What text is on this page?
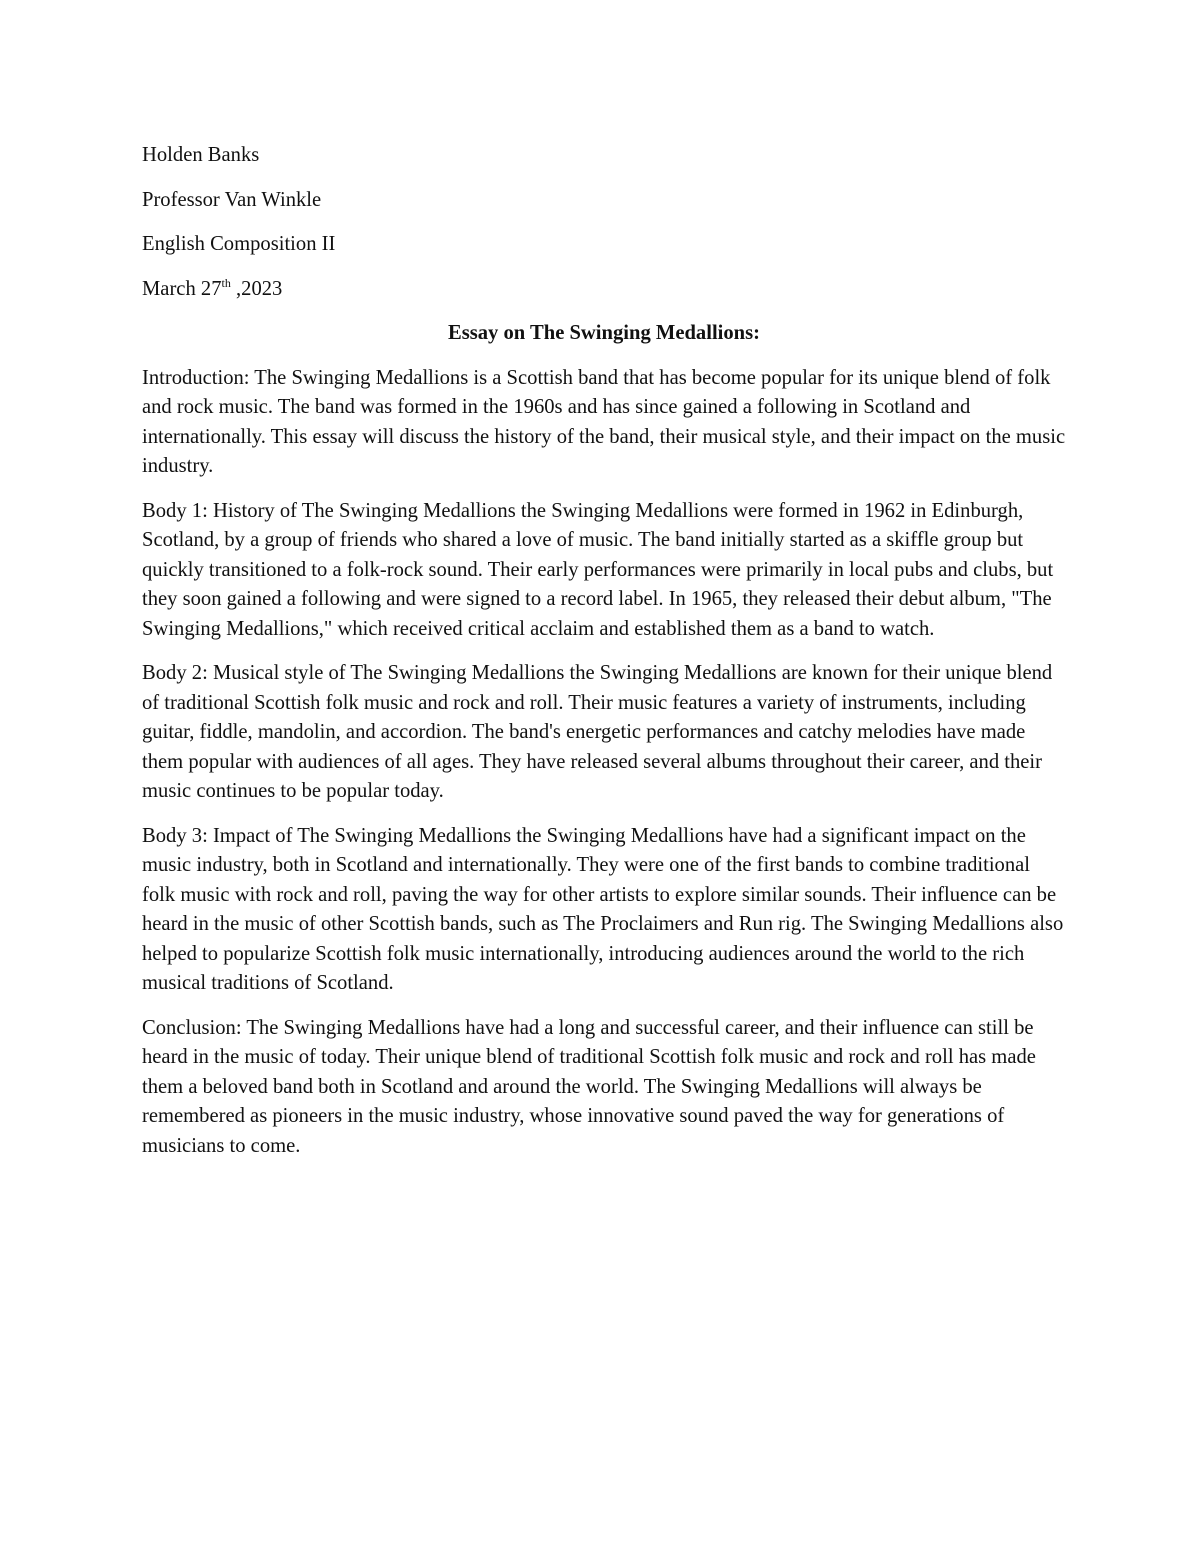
Holden Banks

Professor Van Winkle

English Composition II

March 27th ,2023

Essay on The Swinging Medallions:

Introduction: The Swinging Medallions is a Scottish band that has become popular for its unique blend of folk and rock music. The band was formed in the 1960s and has since gained a following in Scotland and internationally. This essay will discuss the history of the band, their musical style, and their impact on the music industry.

Body 1: History of The Swinging Medallions the Swinging Medallions were formed in 1962 in Edinburgh, Scotland, by a group of friends who shared a love of music. The band initially started as a skiffle group but quickly transitioned to a folk-rock sound. Their early performances were primarily in local pubs and clubs, but they soon gained a following and were signed to a record label. In 1965, they released their debut album, "The Swinging Medallions," which received critical acclaim and established them as a band to watch.

Body 2: Musical style of The Swinging Medallions the Swinging Medallions are known for their unique blend of traditional Scottish folk music and rock and roll. Their music features a variety of instruments, including guitar, fiddle, mandolin, and accordion. The band's energetic performances and catchy melodies have made them popular with audiences of all ages. They have released several albums throughout their career, and their music continues to be popular today.

Body 3: Impact of The Swinging Medallions the Swinging Medallions have had a significant impact on the music industry, both in Scotland and internationally. They were one of the first bands to combine traditional folk music with rock and roll, paving the way for other artists to explore similar sounds. Their influence can be heard in the music of other Scottish bands, such as The Proclaimers and Run rig. The Swinging Medallions also helped to popularize Scottish folk music internationally, introducing audiences around the world to the rich musical traditions of Scotland.

Conclusion: The Swinging Medallions have had a long and successful career, and their influence can still be heard in the music of today. Their unique blend of traditional Scottish folk music and rock and roll has made them a beloved band both in Scotland and around the world. The Swinging Medallions will always be remembered as pioneers in the music industry, whose innovative sound paved the way for generations of musicians to come.
